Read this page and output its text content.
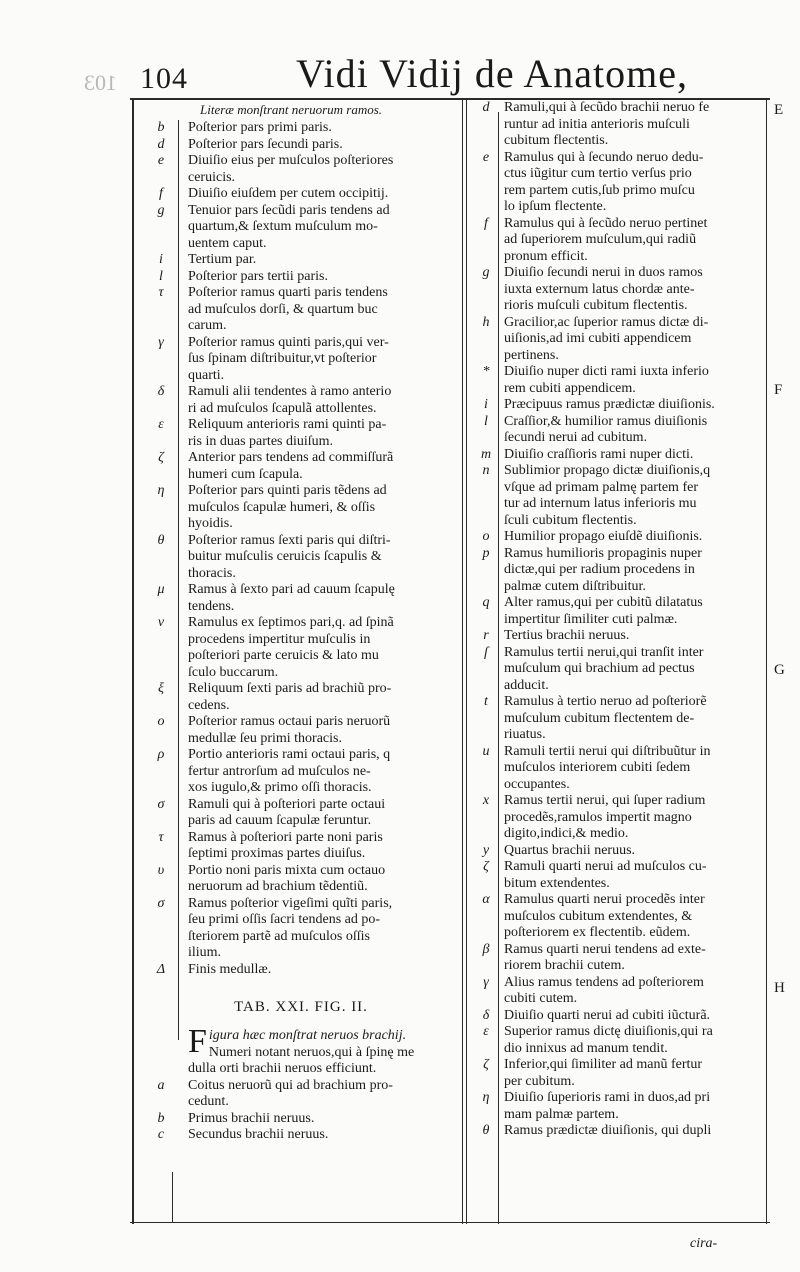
103 104	Vidi Vidij de Anatome,
Literæ monſtrant neruorum ramos.
b	Poſterior pars primi paris.
d	Poſterior pars ſecundi paris.
e	Diuiſio eius per muſculos poſteriores
ceruicis.
f	Diuiſio eiuſdem per cutem occipitij.
g	Tenuior pars ſecũdi paris tendens ad
quartum,& ſextum muſculum mo-
uentem caput.
i	Tertium par.
l	Poſterior pars tertii paris.
τ	Poſterior ramus quarti paris tendens
ad muſculos dorſi, & quartum buc
carum.
γ	Poſterior ramus quinti paris,qui ver-
ſus ſpinam diſtribuitur,vt poſterior
quarti.
δ	Ramuli alii tendentes à ramo anterio
ri ad muſculos ſcapulã attollentes.
ε	Reliquum anterioris rami quinti pa-
ris in duas partes diuiſum.
ζ	Anterior pars tendens ad commiſſurã
humeri cum ſcapula.
η	Poſterior pars quinti paris tẽdens ad
muſculos ſcapulæ humeri, & oſſis
hyoidis.
θ	Poſterior ramus ſexti paris qui diſtri-
buitur muſculis ceruicis ſcapulis &
thoracis.
μ	Ramus à ſexto pari ad cauum ſcapulę
tendens.
ν	Ramulus ex ſeptimos pari,q. ad ſpinã
procedens impertitur muſculis in
poſteriori parte ceruicis & lato mu
ſculo buccarum.
ξ	Reliquum ſexti paris ad brachiũ pro-
cedens.
ο	Poſterior ramus octaui paris neruorũ
medullæ ſeu primi thoracis.
ρ	Portio anterioris rami octaui paris, q
fertur antrorſum ad muſculos ne-
xos iugulo,& primo oſſi thoracis.
σ	Ramuli qui à poſteriori parte octaui
paris ad cauum ſcapulæ feruntur.
τ	Ramus à poſteriori parte noni paris
ſeptimi proximas partes diuiſus.
υ	Portio noni paris mixta cum octauo
neruorum ad brachium tẽdentiũ.
σ	Ramus poſterior vigeſimi quĩti paris,
ſeu primi oſſis ſacri tendens ad po-
ſteriorem partẽ ad muſculos oſſis
ilium.
Δ	Finis medullæ.
TAB. XXI. FIG. II.
F igura hæc monſtrat neruos brachij.
Numeri notant neruos,qui à ſpinę me
dulla orti brachii neruos efficiunt.
a	Coitus neruorũ qui ad brachium pro-
cedunt.
b	Primus brachii neruus.
c	Secundus brachii neruus.
d	Ramuli,qui à ſecũdo brachii neruo fe
runtur ad initia anterioris muſculi
cubitum flectentis.
e	Ramulus qui à ſecundo neruo dedu-
ctus iũgitur cum tertio verſus prio
rem partem cutis,ſub primo muſcu
lo ipſum flectente.
f	Ramulus qui à ſecũdo neruo pertinet
ad ſuperiorem muſculum,qui radiũ
pronum efficit.
g	Diuiſio ſecundi nerui in duos ramos
iuxta externum latus chordæ ante-
rioris muſculi cubitum flectentis.
h	Gracilior,ac ſuperior ramus dictæ di-
uiſionis,ad imi cubiti appendicem
pertinens.
*	Diuiſio nuper dicti rami iuxta inferio
rem cubiti appendicem.
i	Præcipuus ramus prædictæ diuiſionis.
l	Craſſior,& humilior ramus diuiſionis
ſecundi nerui ad cubitum.
m Diuiſio craſſioris rami nuper dicti.
n	Sublimior propago dictæ diuiſionis,q
vſque ad primam palmę partem fer
tur ad internum latus inferioris mu
ſculi cubitum flectentis.
o	Humilior propago eiuſdẽ diuiſionis.
p	Ramus humilioris propaginis nuper
dictæ,qui per radium procedens in
palmæ cutem diſtribuitur.
q	Alter ramus,qui per cubitũ dilatatus
impertitur ſimiliter cuti palmæ.
r	Tertius brachii neruus.
ſ	Ramulus tertii nerui,qui tranſit inter
muſculum qui brachium ad pectus
adducit.
t	Ramulus à tertio neruo ad poſteriorẽ
muſculum cubitum flectentem de-
riuatus.
u	Ramuli tertii nerui qui diſtribuũtur in
muſculos interiorem cubiti ſedem
occupantes.
x	Ramus tertii nerui, qui ſuper radium
procedẽs,ramulos impertit magno
digito,indici,& medio.
y	Quartus brachii neruus.
ζ	Ramuli quarti nerui ad muſculos cu-
bitum extendentes.
α	Ramulus quarti nerui procedẽs inter
muſculos cubitum extendentes, &
poſteriorem ex flectentib. eũdem.
β	Ramus quarti nerui tendens ad exte-
riorem brachii cutem.
γ	Alius ramus tendens ad poſteriorem
cubiti cutem.
δ	Diuiſio quarti nerui ad cubiti iũcturã.
ε	Superior ramus dictę diuiſionis,qui ra
dio innixus ad manum tendit.
ζ	Inferior,qui ſimiliter ad manũ fertur
per cubitum.
η	Diuiſio ſuperioris rami in duos,ad pri
mam palmæ partem.
θ	Ramus prædictæ diuiſionis, qui dupli
E
F
G
H
cira-
